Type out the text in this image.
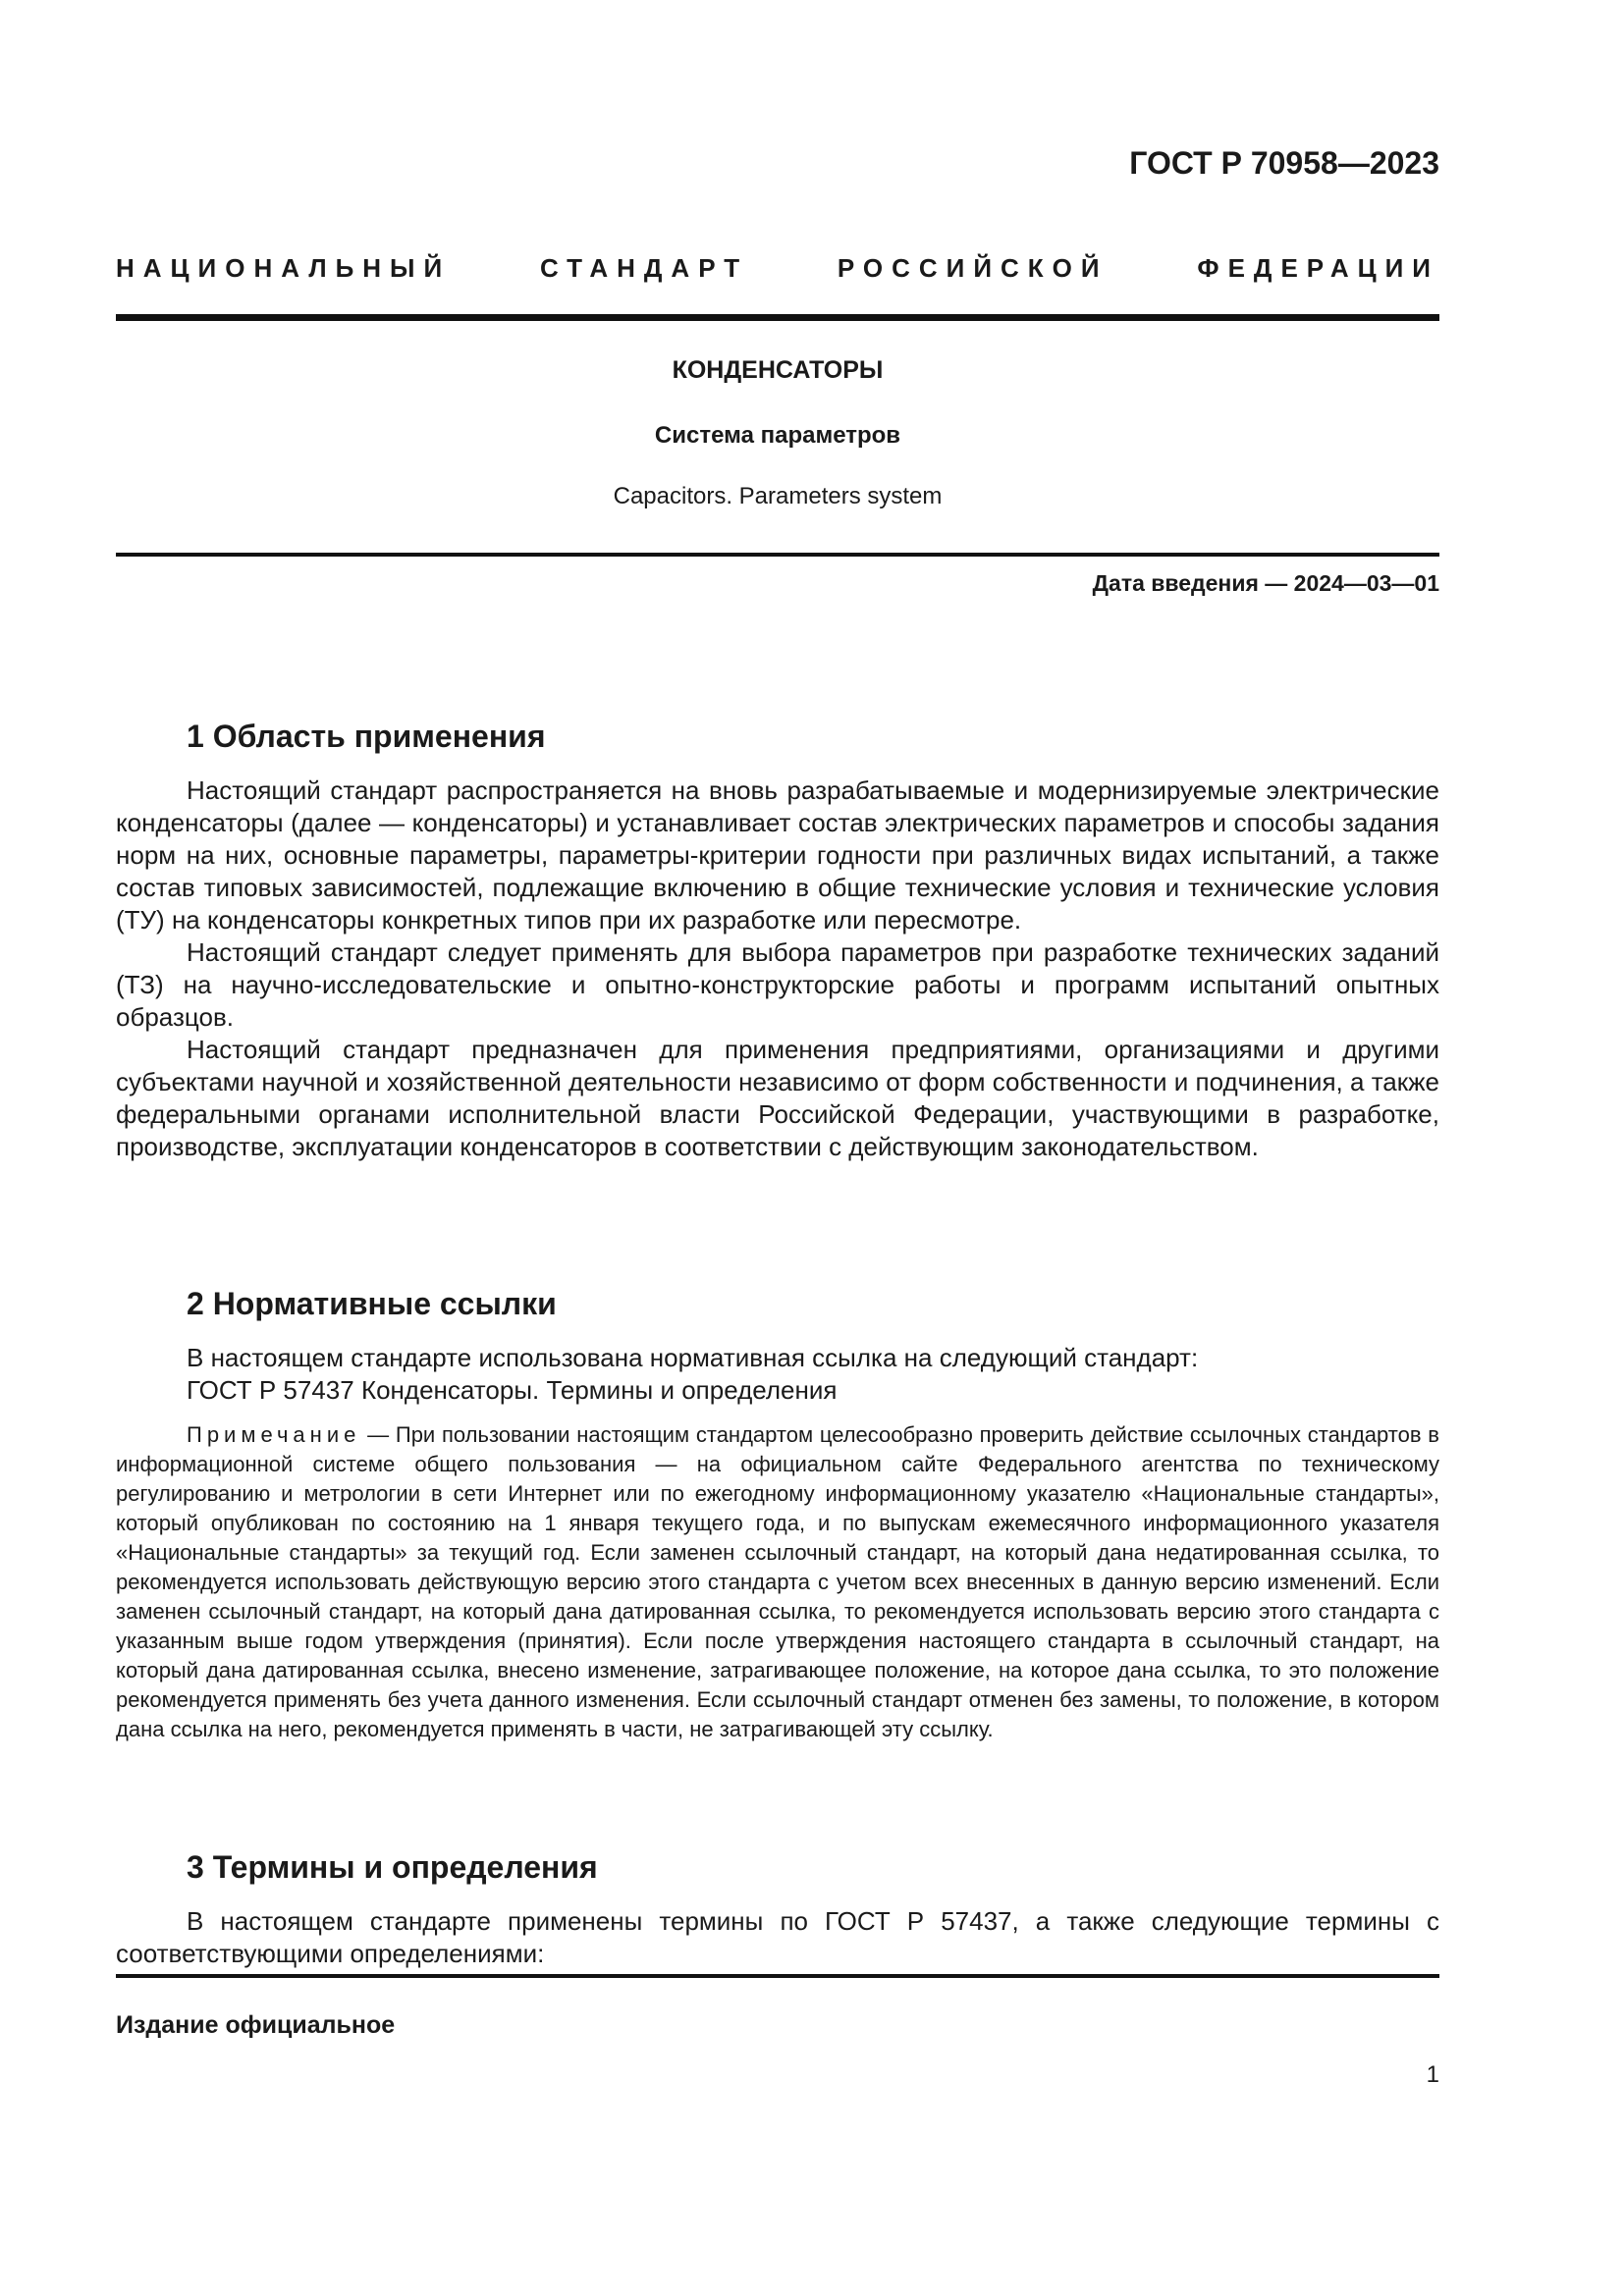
ГОСТ Р 70958—2023

НАЦИОНАЛЬНЫЙ СТАНДАРТ РОССИЙСКОЙ ФЕДЕРАЦИИ

КОНДЕНСАТОРЫ

Система параметров

Capacitors. Parameters system

Дата введения — 2024—03—01

1 Область применения

Настоящий стандарт распространяется на вновь разрабатываемые и модернизируемые электрические конденсаторы (далее — конденсаторы) и устанавливает состав электрических параметров и способы задания норм на них, основные параметры, параметры-критерии годности при различных видах испытаний, а также состав типовых зависимостей, подлежащие включению в общие технические условия и технические условия (ТУ) на конденсаторы конкретных типов при их разработке или пересмотре.

Настоящий стандарт следует применять для выбора параметров при разработке технических заданий (ТЗ) на научно-исследовательские и опытно-конструкторские работы и программ испытаний опытных образцов.

Настоящий стандарт предназначен для применения предприятиями, организациями и другими субъектами научной и хозяйственной деятельности независимо от форм собственности и подчинения, а также федеральными органами исполнительной власти Российской Федерации, участвующими в разработке, производстве, эксплуатации конденсаторов в соответствии с действующим законодательством.

2 Нормативные ссылки

В настоящем стандарте использована нормативная ссылка на следующий стандарт:

ГОСТ Р 57437 Конденсаторы. Термины и определения

Примечание — При пользовании настоящим стандартом целесообразно проверить действие ссылочных стандартов в информационной системе общего пользования — на официальном сайте Федерального агентства по техническому регулированию и метрологии в сети Интернет или по ежегодному информационному указателю «Национальные стандарты», который опубликован по состоянию на 1 января текущего года, и по выпускам ежемесячного информационного указателя «Национальные стандарты» за текущий год. Если заменен ссылочный стандарт, на который дана недатированная ссылка, то рекомендуется использовать действующую версию этого стандарта с учетом всех внесенных в данную версию изменений. Если заменен ссылочный стандарт, на который дана датированная ссылка, то рекомендуется использовать версию этого стандарта с указанным выше годом утверждения (принятия). Если после утверждения настоящего стандарта в ссылочный стандарт, на который дана датированная ссылка, внесено изменение, затрагивающее положение, на которое дана ссылка, то это положение рекомендуется применять без учета данного изменения. Если ссылочный стандарт отменен без замены, то положение, в котором дана ссылка на него, рекомендуется применять в части, не затрагивающей эту ссылку.

3 Термины и определения

В настоящем стандарте применены термины по ГОСТ Р 57437, а также следующие термины с соответствующими определениями:

Издание официальное

1
